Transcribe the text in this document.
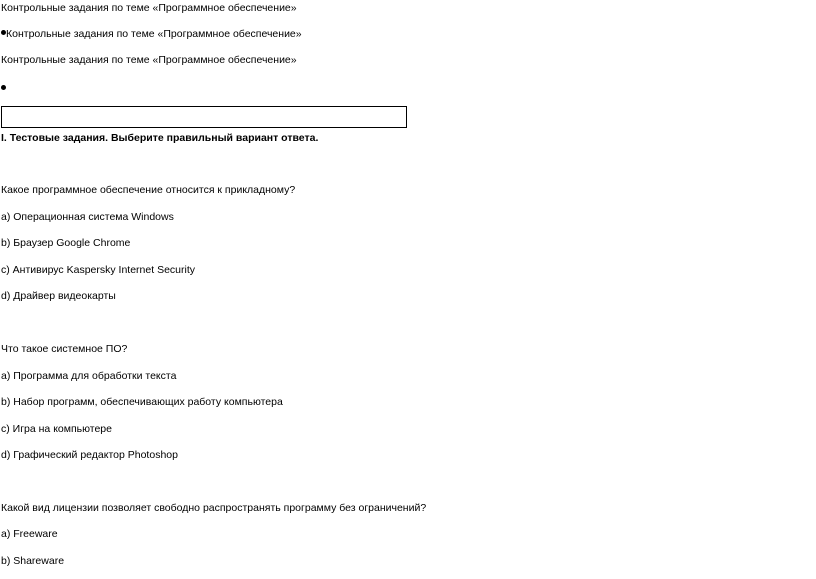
Контрольные задания по теме «Программное обеспечение»
Контрольные задания по теме «Программное обеспечение»
Контрольные задания по теме «Программное обеспечение»
I. Тестовые задания. Выберите правильный вариант ответа.
Какое программное обеспечение относится к прикладному?
a) Операционная система Windows
b) Браузер Google Chrome
c) Антивирус Kaspersky Internet Security
d) Драйвер видеокарты
Что такое системное ПО?
a) Программа для обработки текста
b) Набор программ, обеспечивающих работу компьютера
c) Игра на компьютере
d) Графический редактор Photoshop
Какой вид лицензии позволяет свободно распространять программу без ограничений?
a) Freeware
b) Shareware
